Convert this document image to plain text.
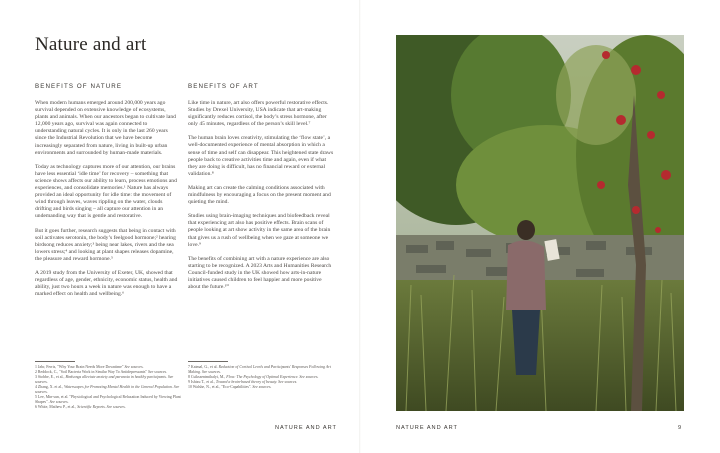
Nature and art
BENEFITS OF NATURE

When modern humans emerged around 200,000 years ago survival depended on extensive knowledge of ecosystems, plants and animals. When our ancestors began to cultivate land 12,000 years ago, survival was again connected to understanding natural cycles. It is only in the last 260 years since the Industrial Revolution that we have become increasingly separated from nature, living in built-up urban environments and surrounded by human-made materials.

Today as technology captures more of our attention, our brains have less essential ‘idle time’ for recovery – something that science shows affects our ability to learn, process emotions and experiences, and consolidate memories.¹ Nature has always provided an ideal opportunity for idle time: the movement of wind through leaves, waves rippling on the water, clouds drifting and birds singing – all capture our attention in an undemanding way that is gentle and restorative.

But it goes further, research suggests that being in contact with soil activates serotonin, the body’s feelgood hormone;² hearing birdsong reduces anxiety;³ being near lakes, rivers and the sea lowers stress;⁴ and looking at plant shapes releases dopamine, the pleasure and reward hormone.⁵

A 2019 study from the University of Exeter, UK, showed that regardless of age, gender, ethnicity, economic status, health and ability, just two hours a week in nature was enough to have a marked effect on health and wellbeing.⁶

BENEFITS OF ART

Like time in nature, art also offers powerful restorative effects. Studies by Drexel University, USA indicate that art-making significantly reduces cortisol, the body’s stress hormone, after only 45 minutes, regardless of the person’s skill level.⁷

The human brain loves creativity, stimulating the ‘flow state’, a well-documented experience of mental absorption in which a sense of time and self can disappear. This heightened state draws people back to creative activities time and again, even if what they are doing is difficult, has no financial reward or external validation.⁸

Making art can create the calming conditions associated with mindfulness by encouraging a focus on the present moment and quieting the mind.

Studies using brain-imaging techniques and biofeedback reveal that experiencing art also has positive effects. Brain scans of people looking at art show activity in the same area of the brain that gives us a rush of wellbeing when we gaze at someone we love.⁹

The benefits of combining art with a nature experience are also starting to be recognized. A 2023 Arts and Humanities Research Council-funded study in the UK showed how arts-in-nature initiatives caused children to feel happier and more positive about the future.¹⁰

1 Jabr, Ferris, "Why Your Brain Needs More Downtime" See sources.

2 Reddock, C., "Soil Bacteria Work in Similar Way To Antidepressants" See sources.

3 Stobbe, E., et al., Birdsongs alleviate anxiety and paranoia in healthy participants. See sources.

4 Zhang, X. et al., Waterscapes for Promoting Mental Health in the General Population. See sources.

5 Lee, Min-sun, et al. "Physiological and Psychological Relaxation Induced by Viewing Plant Shapes". See sources.

6 White, Mathew P., et al., Scientific Reports. See sources.

7 Kaimal, G., et al. Reduction of Cortisol Levels and Participants' Responses Following Art Making. See sources.

8 Csikszentmihalyi, M., Flow: The Psychology of Optimal Experience. See sources.

9 Ishizu T., et al., Toward a brain-based theory of beauty. See sources.

10 Walshe, N., et al., "Eco-Capabilities". See sources.

NATURE AND ART	NATURE AND ART	9
